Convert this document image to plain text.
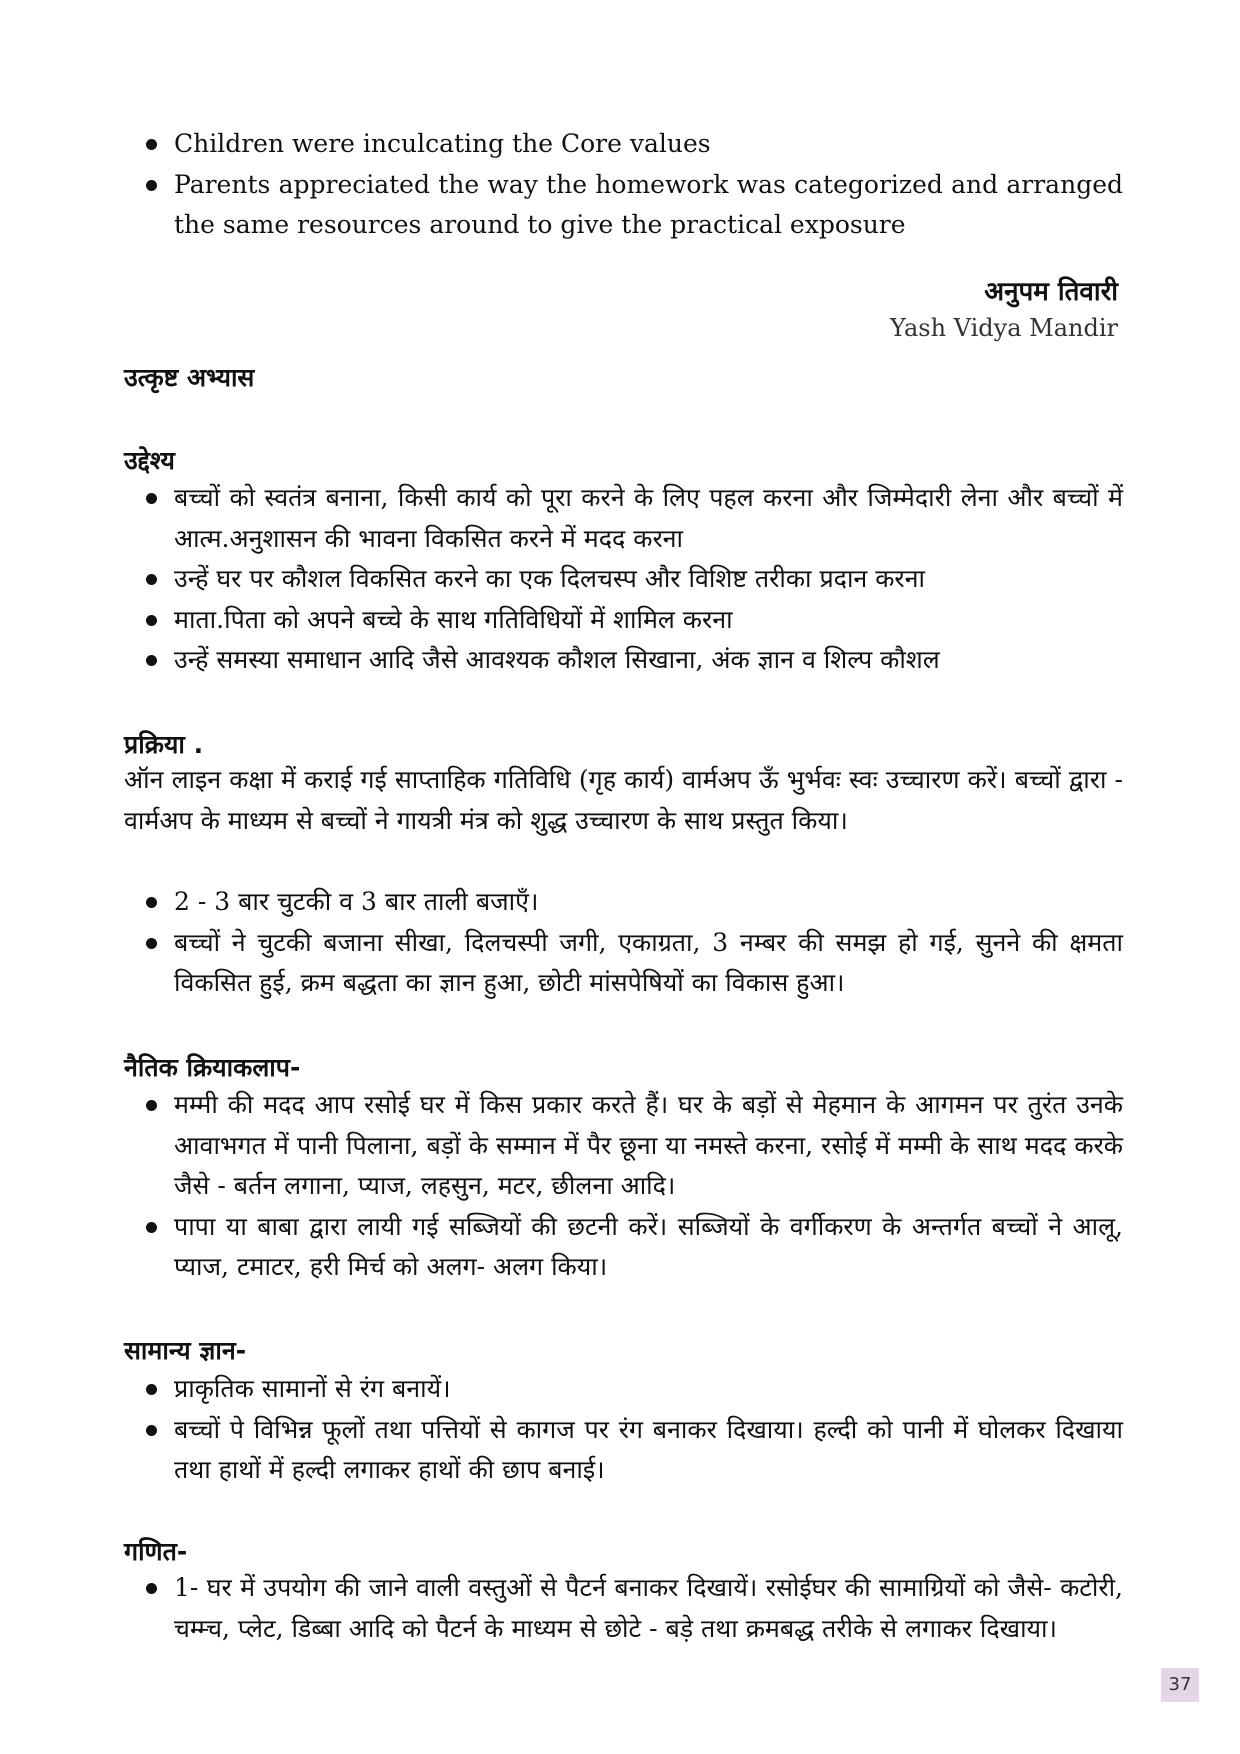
Children were inculcating the Core values
Parents appreciated the way the homework was categorized and arranged the same resources around to give the practical exposure
अनुपम तिवारी
Yash Vidya Mandir
उत्कृष्ट अभ्यास
उद्देश्य
बच्चों को स्वतंत्र बनाना, किसी कार्य को पूरा करने के लिए पहल करना और जिम्मेदारी लेना और बच्चों में आत्म.अनुशासन की भावना विकसित करने में मदद करना
उन्हें घर पर कौशल विकसित करने का एक दिलचस्प और विशिष्ट तरीका प्रदान करना
माता.पिता को अपने बच्चे के साथ गतिविधियों में शामिल करना
उन्हें समस्या समाधान आदि जैसे आवश्यक कौशल सिखाना, अंक ज्ञान व शिल्प कौशल
प्रक्रिया .

ऑन लाइन कक्षा में कराई गई साप्ताहिक गतिविधि (गृह कार्य) वार्मअप ऊँ भुर्भवः स्वः उच्चारण करें। बच्चों द्वारा - वार्मअप के माध्यम से बच्चों ने गायत्री मंत्र को शुद्ध उच्चारण के साथ प्रस्तुत किया।

2 - 3 बार चुटकी व 3 बार ताली बजाएँ।
बच्चों ने चुटकी बजाना सीखा, दिलचस्पी जगी, एकाग्रता, 3 नम्बर की समझ हो गई, सुनने की क्षमता विकसित हुई, क्रम बद्धता का ज्ञान हुआ, छोटी मांसपेषियों का विकास हुआ।
नैतिक क्रियाकलाप-
मम्मी की मदद आप रसोई घर में किस प्रकार करते हैं। घर के बड़ों से मेहमान के आगमन पर तुरंत उनके आवाभगत में पानी पिलाना, बड़ों के सम्मान में पैर छूना या नमस्ते करना, रसोई में मम्मी के साथ मदद करके जैसे - बर्तन लगाना, प्याज, लहसुन, मटर, छीलना आदि।
पापा या बाबा द्वारा लायी गई सब्जियों की छटनी करें। सब्जियों के वर्गीकरण के अन्तर्गत बच्चों ने आलू, प्याज, टमाटर, हरी मिर्च को अलग- अलग किया।
सामान्य ज्ञान-
प्राकृतिक सामानों से रंग बनायें।
बच्चों पे विभिन्न फूलों तथा पत्तियों से कागज पर रंग बनाकर दिखाया। हल्दी को पानी में घोलकर दिखाया तथा हाथों में हल्दी लगाकर हाथों की छाप बनाई।
गणित-
1- घर में उपयोग की जाने वाली वस्तुओं से पैटर्न बनाकर दिखायें। रसोईघर की सामाग्रियों को जैसे- कटोरी, चम्म्च, प्लेट, डिब्बा आदि को पैटर्न के माध्यम से छोटे - बड़े तथा क्रमबद्ध तरीके से लगाकर दिखाया।
37
